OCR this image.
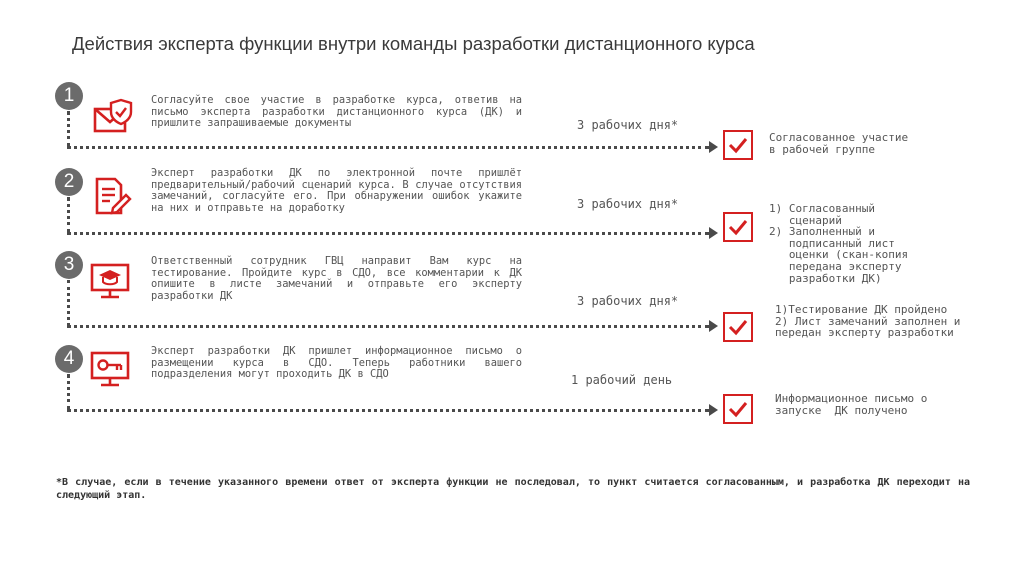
Действия эксперта функции внутри команды разработки дистанционного курса
1	Согласуйте свое участие в разработке курса, ответив на письмо эксперта разработки дистанционного курса (ДК) и пришлите запрашиваемые документы	3 рабочих дня*
Согласованное участие
в рабочей группе
2	Эксперт разработки ДК по электронной почте пришлёт предварительный/рабочий сценарий курса. В случае отсутствия замечаний, согласуйте его. При обнаружении ошибок укажите на них и отправьте на доработку	3 рабочих дня*	1) Согласованный
сценарий
2) Заполненный и
подписанный лист
оценки (скан-копия
передана эксперту
разработки ДК)
3	Ответственный сотрудник ГВЦ направит Вам курс на тестирование. Пройдите курс в СДО, все комментарии к ДК опишите в листе замечаний и отправьте его эксперту разработки ДК	3 рабочих дня*
1)Тестирование ДК пройдено
2) Лист замечаний заполнен и
передан эксперту разработки
4	Эксперт разработки ДК пришлет информационное письмо о размещении курса в СДО. Теперь работники вашего подразделения могут проходить ДК в СДО	1 рабочий день
Информационное письмо о
запуске  ДК получено
*В случае, если в течение указанного времени ответ от эксперта функции не последовал, то пункт считается согласованным, и разработка ДК переходит на следующий этап.
